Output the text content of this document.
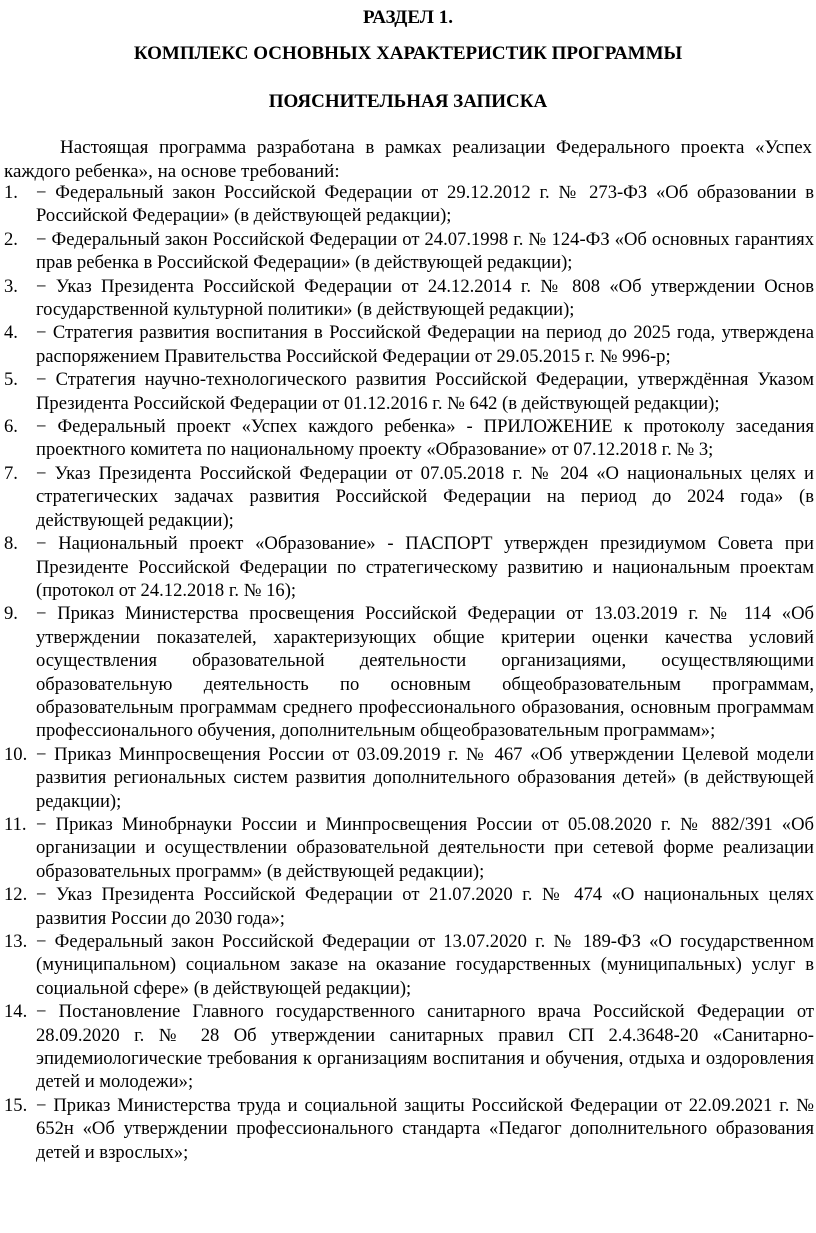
РАЗДЕЛ 1.
КОМПЛЕКС ОСНОВНЫХ ХАРАКТЕРИСТИК ПРОГРАММЫ
ПОЯСНИТЕЛЬНАЯ ЗАПИСКА
Настоящая программа разработана в рамках реализации Федерального проекта «Успех каждого ребенка», на основе требований:
1. − Федеральный закон Российской Федерации от 29.12.2012 г. № 273-ФЗ «Об образовании в Российской Федерации» (в действующей редакции);
2. − Федеральный закон Российской Федерации от 24.07.1998 г. № 124-ФЗ «Об основных гарантиях прав ребенка в Российской Федерации» (в действующей редакции);
3. − Указ Президента Российской Федерации от 24.12.2014 г. № 808 «Об утверждении Основ государственной культурной политики» (в действующей редакции);
4. − Стратегия развития воспитания в Российской Федерации на период до 2025 года, утверждена распоряжением Правительства Российской Федерации от 29.05.2015 г. № 996-р;
5. − Стратегия научно-технологического развития Российской Федерации, утверждённая Указом Президента Российской Федерации от 01.12.2016 г. № 642 (в действующей редакции);
6. − Федеральный проект «Успех каждого ребенка» - ПРИЛОЖЕНИЕ к протоколу заседания проектного комитета по национальному проекту «Образование» от 07.12.2018 г. № 3;
7. − Указ Президента Российской Федерации от 07.05.2018 г. № 204 «О национальных целях и стратегических задачах развития Российской Федерации на период до 2024 года» (в действующей редакции);
8. − Национальный проект «Образование» - ПАСПОРТ утвержден президиумом Совета при Президенте Российской Федерации по стратегическому развитию и национальным проектам (протокол от 24.12.2018 г. № 16);
9. − Приказ Министерства просвещения Российской Федерации от 13.03.2019 г. № 114 «Об утверждении показателей, характеризующих общие критерии оценки качества условий осуществления образовательной деятельности организациями, осуществляющими образовательную деятельность по основным общеобразовательным программам, образовательным программам среднего профессионального образования, основным программам профессионального обучения, дополнительным общеобразовательным программам»;
10. − Приказ Минпросвещения России от 03.09.2019 г. № 467 «Об утверждении Целевой модели развития региональных систем развития дополнительного образования детей» (в действующей редакции);
11. − Приказ Минобрнауки России и Минпросвещения России от 05.08.2020 г. № 882/391 «Об организации и осуществлении образовательной деятельности при сетевой форме реализации образовательных программ» (в действующей редакции);
12. − Указ Президента Российской Федерации от 21.07.2020 г. № 474 «О национальных целях развития России до 2030 года»;
13. − Федеральный закон Российской Федерации от 13.07.2020 г. № 189-ФЗ «О государственном (муниципальном) социальном заказе на оказание государственных (муниципальных) услуг в социальной сфере» (в действующей редакции);
14. − Постановление Главного государственного санитарного врача Российской Федерации от 28.09.2020 г. № 28 Об утверждении санитарных правил СП 2.4.3648-20 «Санитарно-эпидемиологические требования к организациям воспитания и обучения, отдыха и оздоровления детей и молодежи»;
15. − Приказ Министерства труда и социальной защиты Российской Федерации от 22.09.2021 г. № 652н «Об утверждении профессионального стандарта «Педагог дополнительного образования детей и взрослых»;
